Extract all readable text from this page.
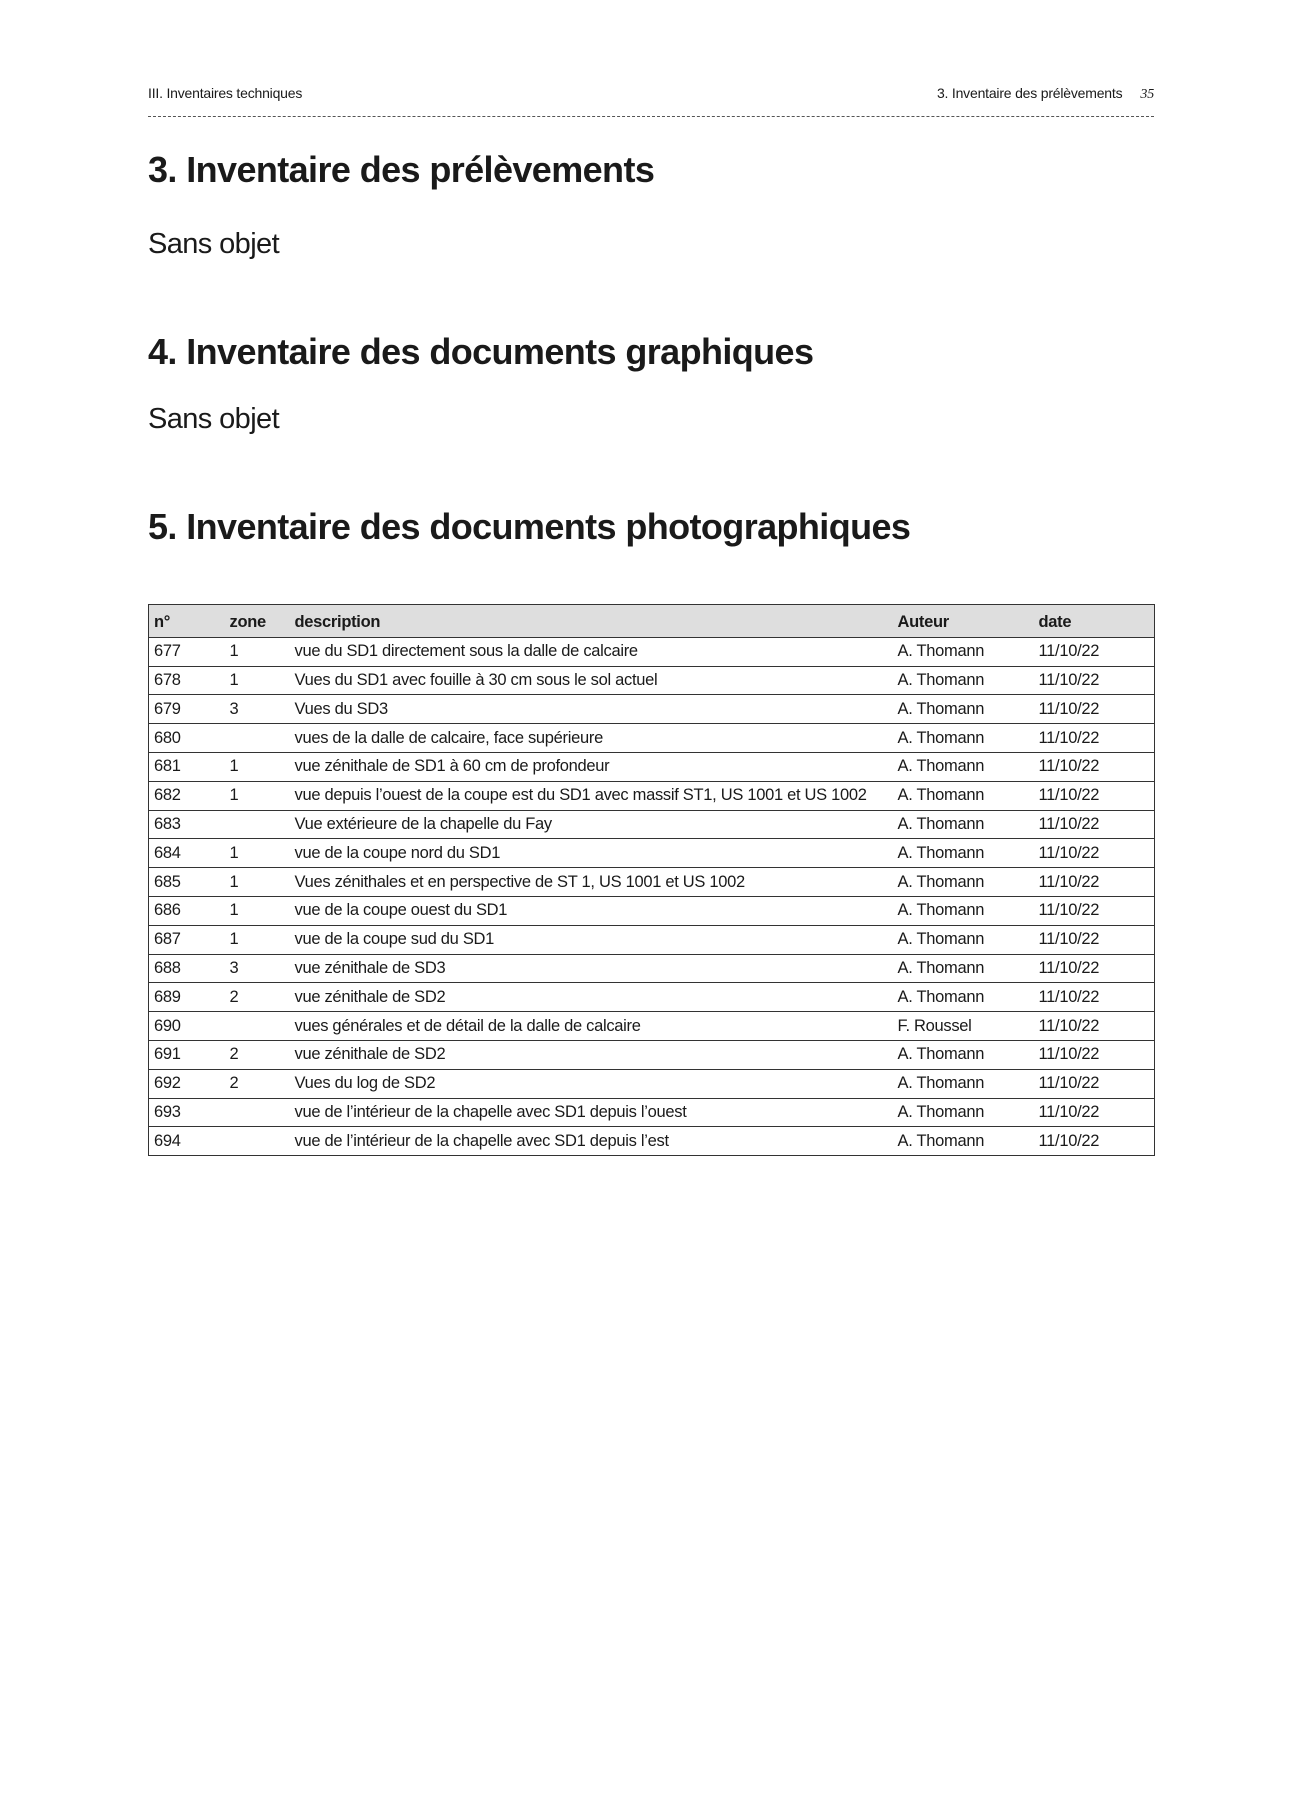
III. Inventaires techniques	3. Inventaire des prélèvements 35
3. Inventaire des prélèvements

Sans objet

4. Inventaire des documents graphiques

Sans objet

5. Inventaire des documents photographiques
n°	zone	description	Auteur	date
677	1	vue du SD1 directement sous la dalle de calcaire	A. Thomann	11/10/22
678	1	Vues du SD1 avec fouille à 30 cm sous le sol actuel	A. Thomann	11/10/22
679	3	Vues du SD3	A. Thomann	11/10/22
680		vues de la dalle de calcaire, face supérieure	A. Thomann	11/10/22
681	1	vue zénithale de SD1 à 60 cm de profondeur	A. Thomann	11/10/22
682	1	vue depuis l’ouest de la coupe est du SD1 avec massif ST1, US 1001 et US 1002	A. Thomann	11/10/22
683		Vue extérieure de la chapelle du Fay	A. Thomann	11/10/22
684	1	vue de la coupe nord du SD1	A. Thomann	11/10/22
685	1	Vues zénithales et en perspective de ST 1, US 1001 et US 1002	A. Thomann	11/10/22
686	1	vue de la coupe ouest du SD1	A. Thomann	11/10/22
687	1	vue de la coupe sud du SD1	A. Thomann	11/10/22
688	3	vue zénithale de SD3	A. Thomann	11/10/22
689	2	vue zénithale de SD2	A. Thomann	11/10/22
690		vues générales et de détail de la dalle de calcaire	F. Roussel	11/10/22
691	2	vue zénithale de SD2	A. Thomann	11/10/22
692	2	Vues du log de SD2	A. Thomann	11/10/22
693		vue de l’intérieur de la chapelle avec SD1 depuis l’ouest	A. Thomann	11/10/22
694		vue de l’intérieur de la chapelle avec SD1 depuis l’est	A. Thomann	11/10/22
